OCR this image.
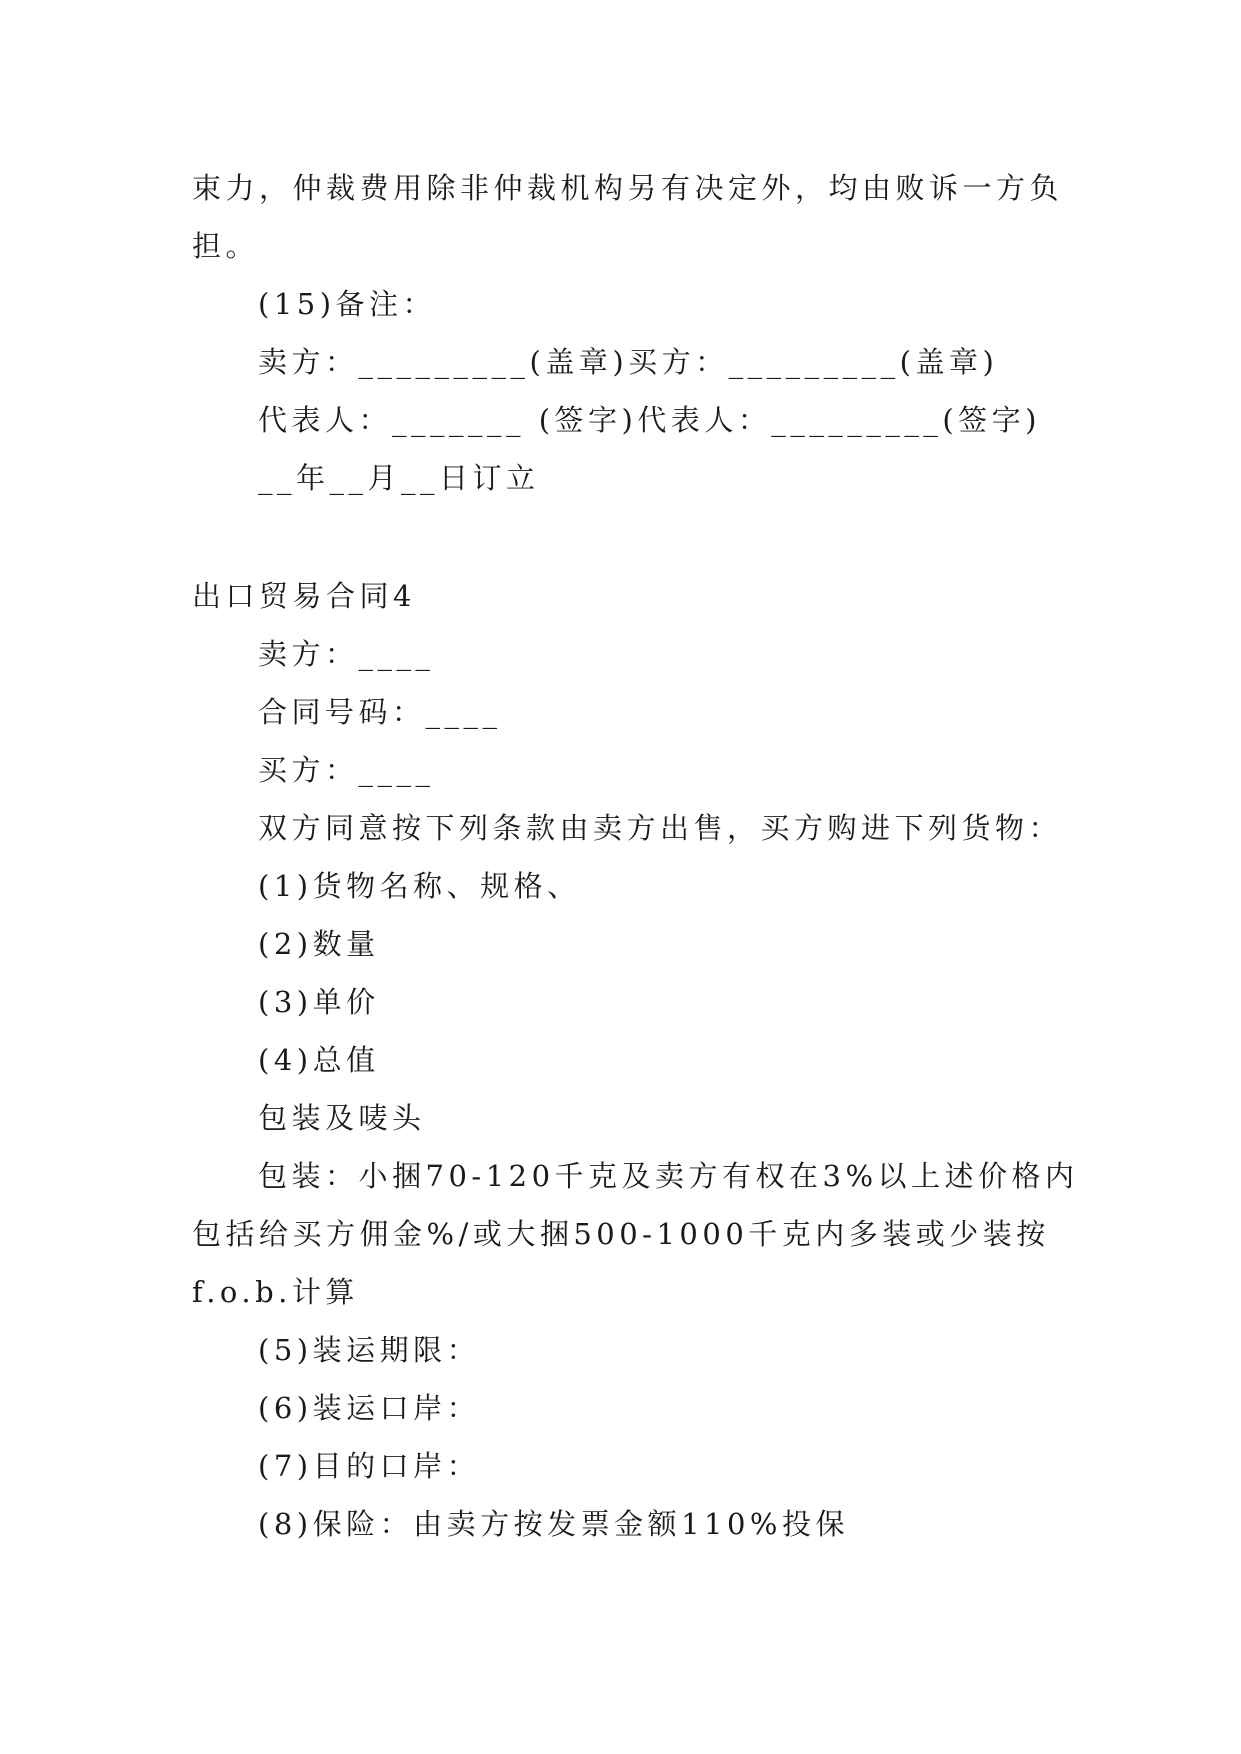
束力，仲裁费用除非仲裁机构另有决定外，均由败诉一方负
担。
(15)备注：
卖方：_________(盖章)买方：_________(盖章)
代表人：_______ (签字)代表人：_________(签字)
__年__月__日订立
出口贸易合同4
卖方：____
合同号码：____
买方：____
双方同意按下列条款由卖方出售，买方购进下列货物：
(1)货物名称、规格、
(2)数量
(3)单价
(4)总值
包装及唛头
包装：小捆70-120千克及卖方有权在3%以上述价格内
包括给买方佣金%/或大捆500-1000千克内多装或少装按
f.o.b.计算
(5)装运期限：
(6)装运口岸：
(7)目的口岸：
(8)保险：由卖方按发票金额110%投保
